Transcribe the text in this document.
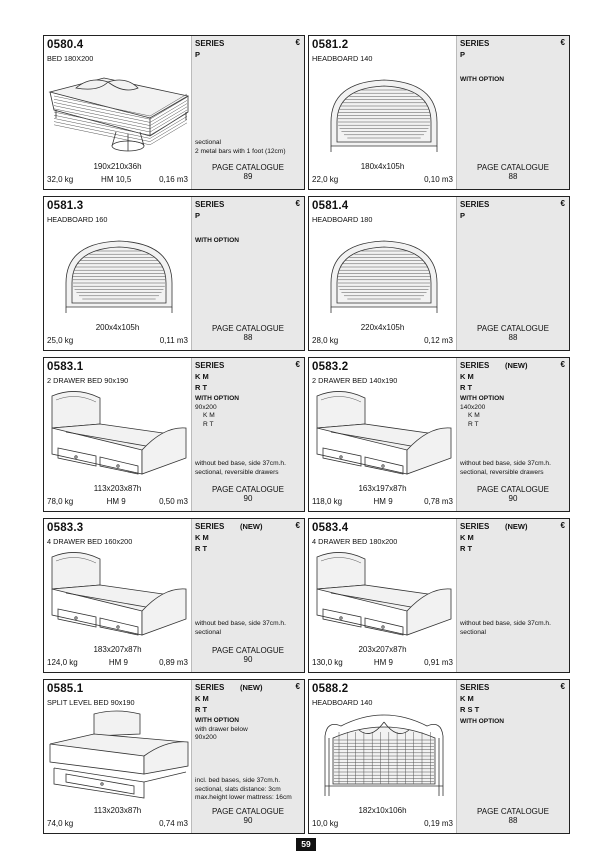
0580.4
BED 180X200
190x210x36h
32,0 kg	HM 10,5	0,16 m3
SERIES	€
P
sectional
2 metal bars with 1 foot (12cm)
PAGE CATALOGUE
89
0581.2
HEADBOARD 140
180x4x105h
22,0 kg	0,10 m3
SERIES	€
P
WITH OPTION
PAGE CATALOGUE
88
0581.3
HEADBOARD 160
200x4x105h
25,0 kg	0,11 m3
SERIES	€
P
WITH OPTION
PAGE CATALOGUE
88
0581.4
HEADBOARD 180
220x4x105h
28,0 kg	0,12 m3
SERIES	€
P
PAGE CATALOGUE
88
0583.1
2 DRAWER BED 90x190
113x203x87h
78,0 kg	HM 9	0,50 m3
SERIES	€
K M
R T
WITH OPTION
90x200
K M
R T
without bed base, side 37cm.h.
sectional, reversible drawers
PAGE CATALOGUE
90
0583.2
2 DRAWER BED 140x190
163x197x87h
118,0 kg	HM 9	0,78 m3
SERIES (NEW)	€
K M
R T
WITH OPTION
140x200
K M
R T
without bed base, side 37cm.h.
sectional, reversible drawers
PAGE CATALOGUE
90
0583.3
4 DRAWER BED 160x200
183x207x87h
124,0 kg	HM 9	0,89 m3
SERIES (NEW)	€
K M
R T
without bed base, side 37cm.h.
sectional
PAGE CATALOGUE
90
0583.4
4 DRAWER BED 180x200
203x207x87h
130,0 kg	HM 9	0,91 m3
SERIES (NEW)	€
K M
R T
without bed base, side 37cm.h.
sectional
0585.1
SPLIT LEVEL BED 90x190
113x203x87h
74,0 kg	0,74 m3
SERIES (NEW)	€
K M
R T
WITH OPTION
with drawer below
90x200
incl. bed bases, side 37cm.h.
sectional, slats distance: 3cm
max.height lower mattress: 16cm
PAGE CATALOGUE
90
0588.2
HEADBOARD 140
182x10x106h
10,0 kg	0,19 m3
SERIES	€
K M
R S T
WITH OPTION
PAGE CATALOGUE
88
59
